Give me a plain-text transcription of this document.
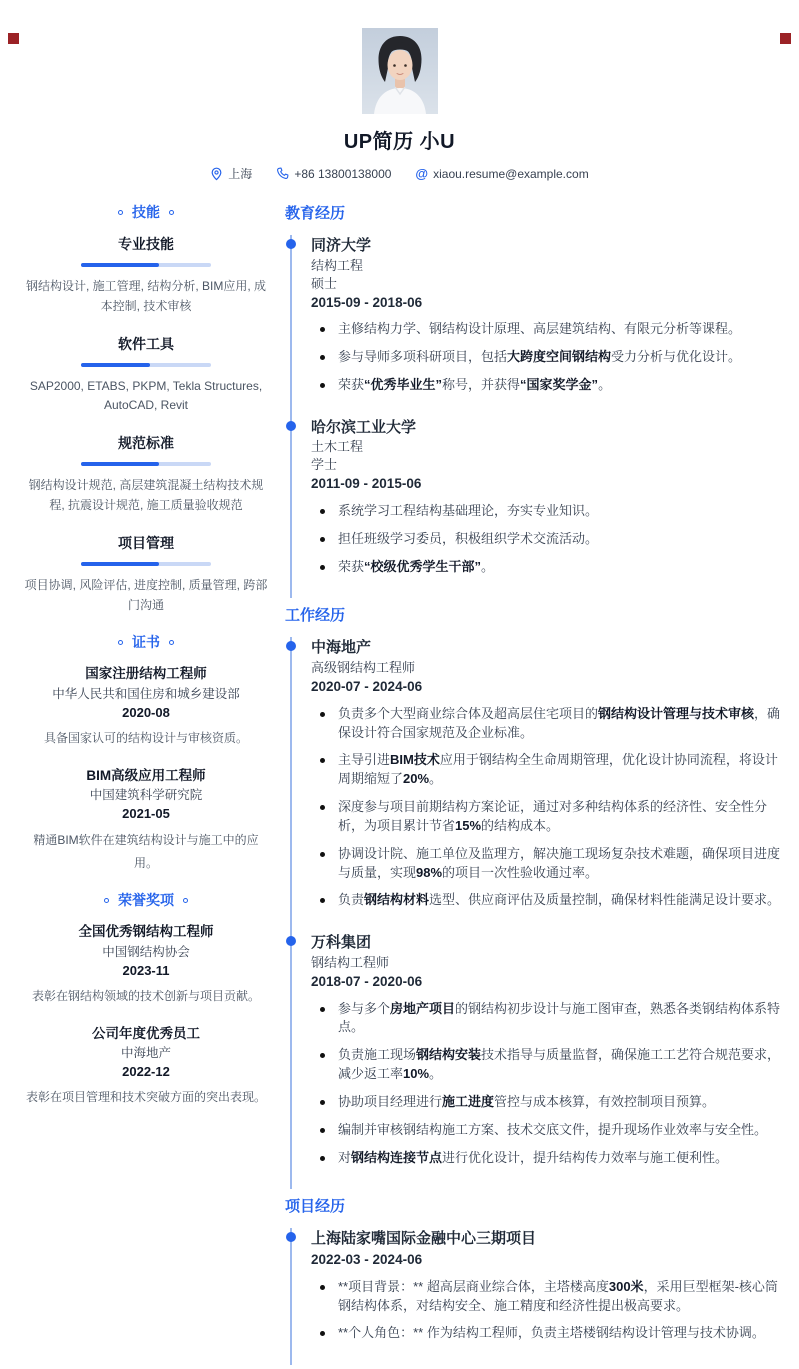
UP简历 小U
上海	+86 13800138000 @ xiaou.resume@example.com
技能
专业技能
钢结构设计, 施工管理, 结构分析, BIM应用, 成本控制, 技术审核
软件工具
SAP2000, ETABS, PKPM, Tekla Structures, AutoCAD, Revit
规范标准
钢结构设计规范, 高层建筑混凝土结构技术规程, 抗震设计规范, 施工质量验收规范
项目管理
项目协调, 风险评估, 进度控制, 质量管理, 跨部门沟通
证书
国家注册结构工程师
中华人民共和国住房和城乡建设部
2020-08
具备国家认可的结构设计与审核资质。
BIM高级应用工程师
中国建筑科学研究院
2021-05
精通BIM软件在建筑结构设计与施工中的应用。
荣誉奖项
全国优秀钢结构工程师
中国钢结构协会
2023-11
表彰在钢结构领域的技术创新与项目贡献。
公司年度优秀员工
中海地产
2022-12
表彰在项目管理和技术突破方面的突出表现。
教育经历
同济大学
结构工程
硕士
2015-09 - 2018-06
主修结构力学、钢结构设计原理、高层建筑结构、有限元分析等课程。
参与导师多项科研项目，包括大跨度空间钢结构受力分析与优化设计。
荣获“优秀毕业生”称号，并获得“国家奖学金”。
哈尔滨工业大学
土木工程
学士
2011-09 - 2015-06
系统学习工程结构基础理论，夯实专业知识。
担任班级学习委员，积极组织学术交流活动。
荣获“校级优秀学生干部”。
工作经历
中海地产
高级钢结构工程师
2020-07 - 2024-06
负责多个大型商业综合体及超高层住宅项目的钢结构设计管理与技术审核，确保设计符合国家规范及企业标准。
主导引进BIM技术应用于钢结构全生命周期管理，优化设计协同流程，将设计周期缩短了20%。
深度参与项目前期结构方案论证，通过对多种结构体系的经济性、安全性分析，为项目累计节省15%的结构成本。
协调设计院、施工单位及监理方，解决施工现场复杂技术难题，确保项目进度与质量，实现98%的项目一次性验收通过率。
负责钢结构材料选型、供应商评估及质量控制，确保材料性能满足设计要求。
万科集团
钢结构工程师
2018-07 - 2020-06
参与多个房地产项目的钢结构初步设计与施工图审查，熟悉各类钢结构体系特点。
负责施工现场钢结构安装技术指导与质量监督，确保施工工艺符合规范要求，减少返工率10%。
协助项目经理进行施工进度管控与成本核算，有效控制项目预算。
编制并审核钢结构施工方案、技术交底文件，提升现场作业效率与安全性。
对钢结构连接节点进行优化设计，提升结构传力效率与施工便利性。
项目经历
上海陆家嘴国际金融中心三期项目
2022-03 - 2024-06
**项目背景：** 超高层商业综合体，主塔楼高度300米，采用巨型框架-核心筒钢结构体系，对结构安全、施工精度和经济性提出极高要求。
**个人角色：** 作为结构工程师，负责主塔楼钢结构设计管理与技术协调。
